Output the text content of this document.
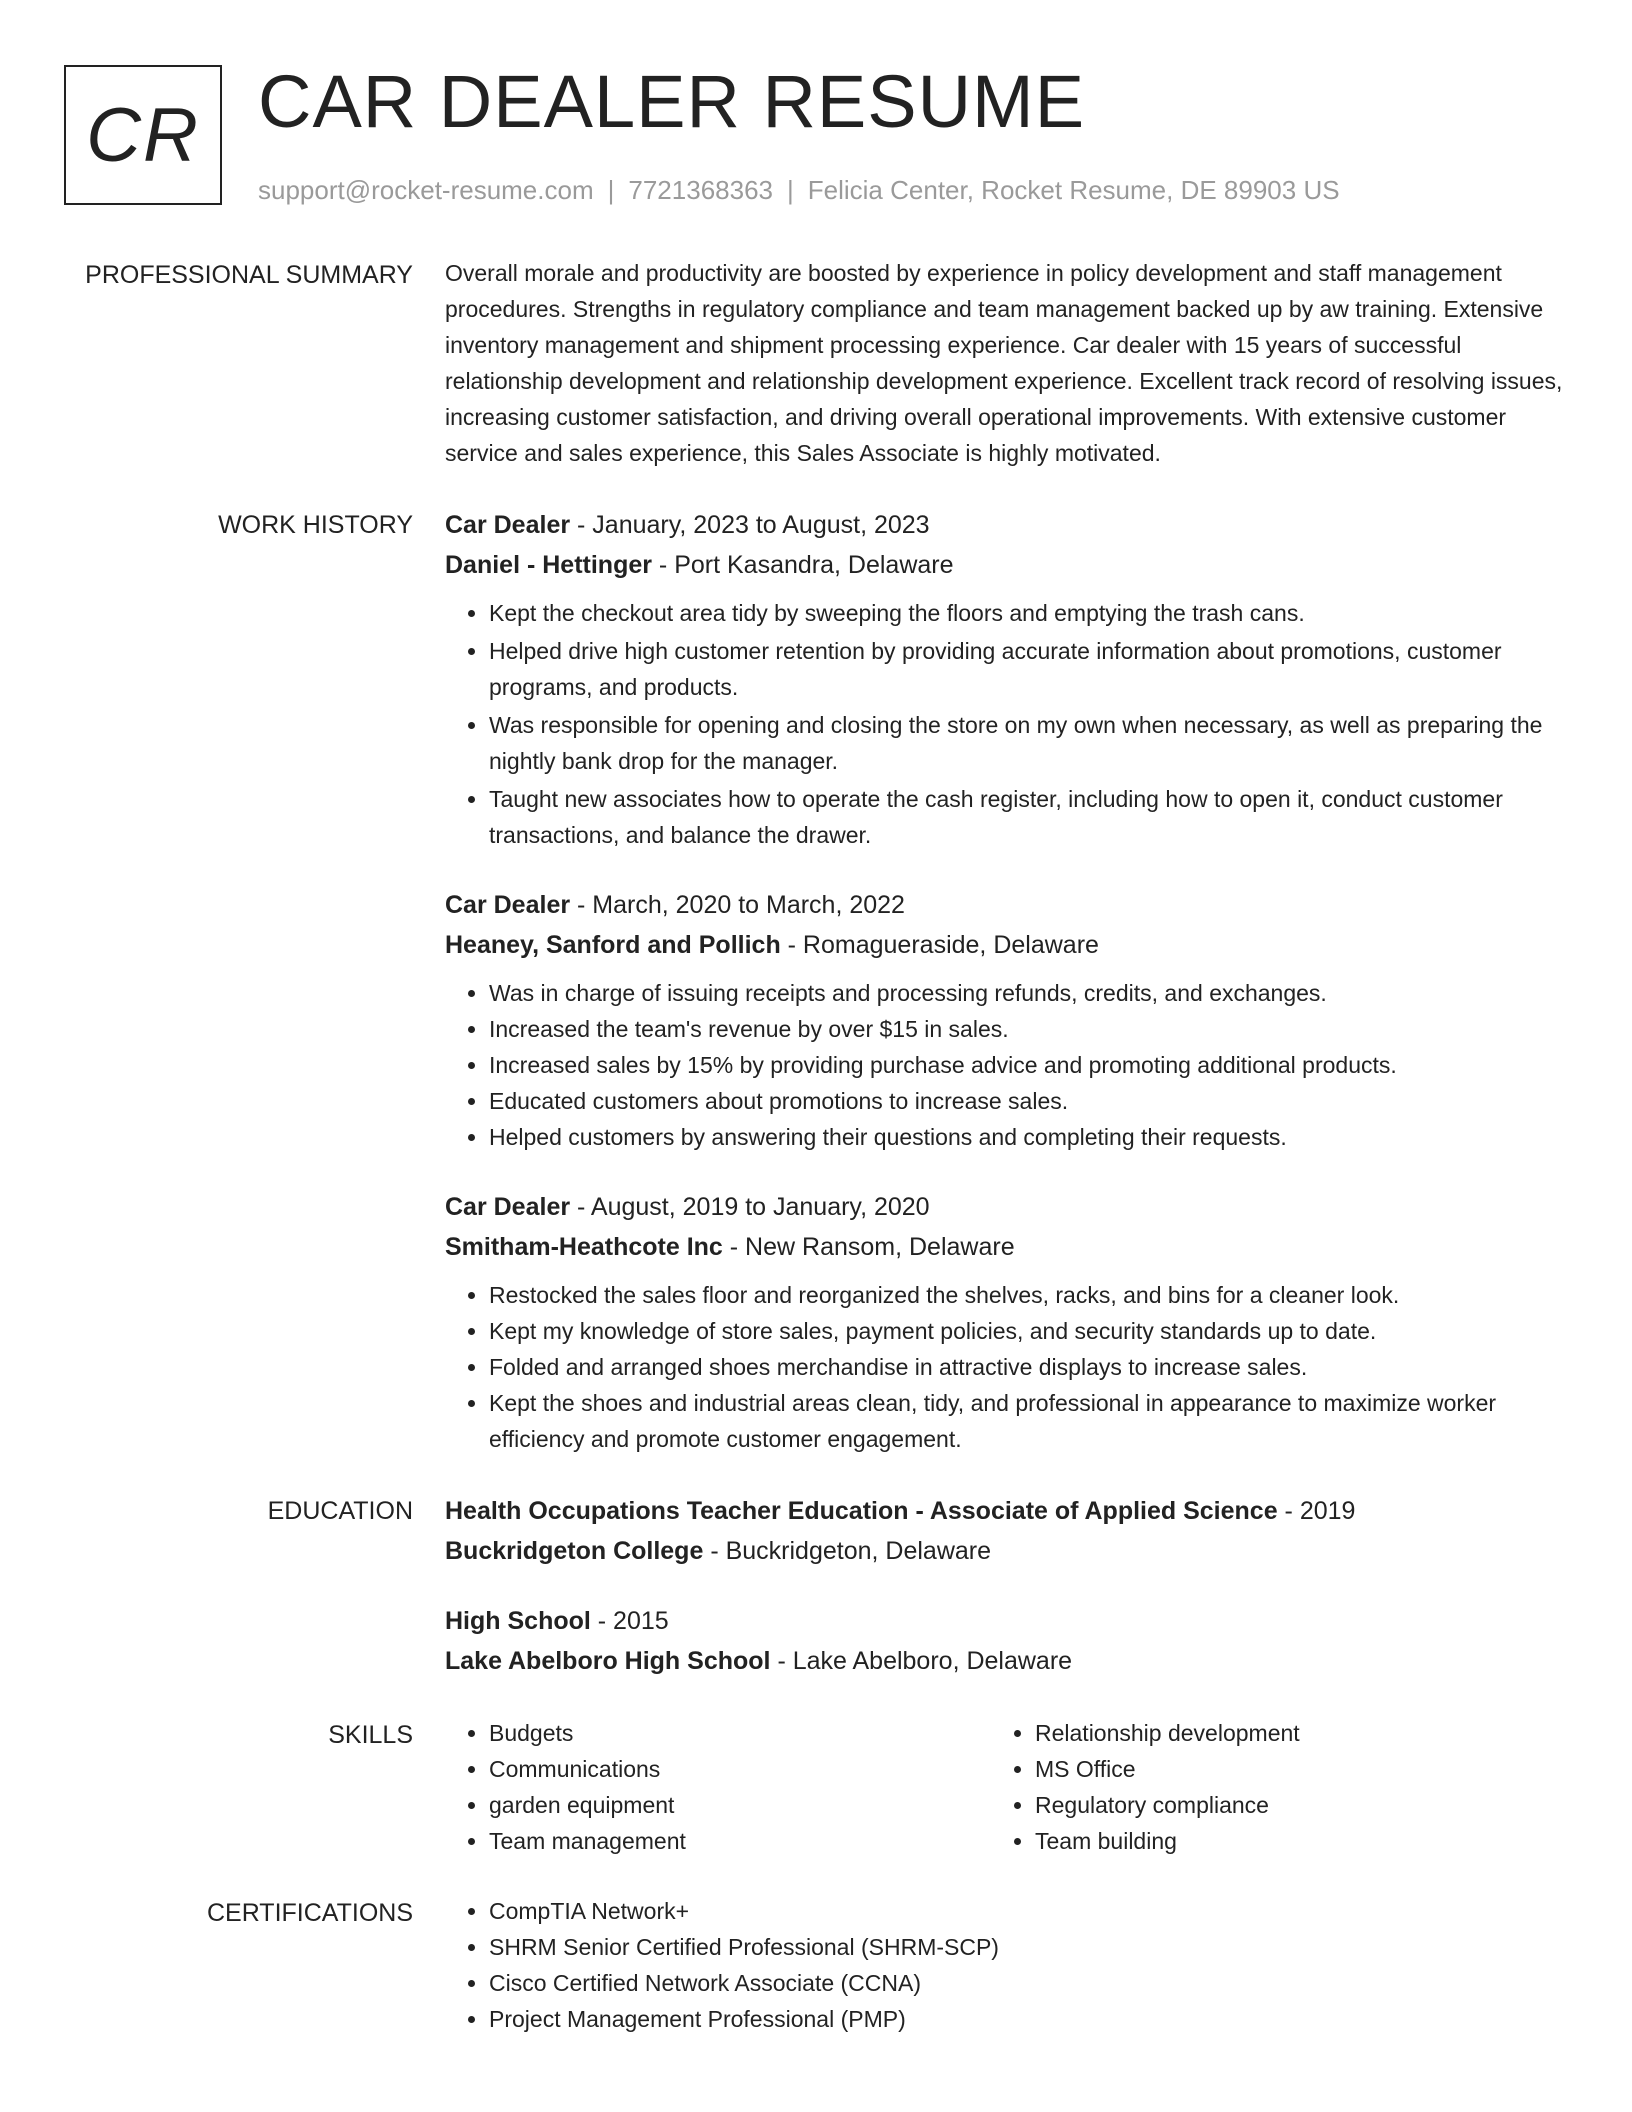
CR CAR DEALER RESUME
support@rocket-resume.com | 7721368363 | Felicia Center, Rocket Resume, DE 89903 US
PROFESSIONAL SUMMARY Overall morale and productivity are boosted by experience in policy development and staff management procedures. Strengths in regulatory compliance and team management backed up by aw training. Extensive inventory management and shipment processing experience. Car dealer with 15 years of successful relationship development and relationship development experience. Excellent track record of resolving issues, increasing customer satisfaction, and driving overall operational improvements. With extensive customer service and sales experience, this Sales Associate is highly motivated.

WORK HISTORY Car Dealer - January, 2023 to August, 2023
Daniel - Hettinger - Port Kasandra, Delaware
• Kept the checkout area tidy by sweeping the floors and emptying the trash cans.
• Helped drive high customer retention by providing accurate information about promotions, customer programs, and products.
• Was responsible for opening and closing the store on my own when necessary, as well as preparing the nightly bank drop for the manager.
• Taught new associates how to operate the cash register, including how to open it, conduct customer transactions, and balance the drawer.
Car Dealer - March, 2020 to March, 2022
Heaney, Sanford and Pollich - Romagueraside, Delaware
• Was in charge of issuing receipts and processing refunds, credits, and exchanges.
• Increased the team's revenue by over $15 in sales.
• Increased sales by 15% by providing purchase advice and promoting additional products.
• Educated customers about promotions to increase sales.
• Helped customers by answering their questions and completing their requests.
Car Dealer - August, 2019 to January, 2020
Smitham-Heathcote Inc - New Ransom, Delaware
• Restocked the sales floor and reorganized the shelves, racks, and bins for a cleaner look.
• Kept my knowledge of store sales, payment policies, and security standards up to date.
• Folded and arranged shoes merchandise in attractive displays to increase sales.
• Kept the shoes and industrial areas clean, tidy, and professional in appearance to maximize worker efficiency and promote customer engagement.
EDUCATION Health Occupations Teacher Education - Associate of Applied Science - 2019
Buckridgeton College - Buckridgeton, Delaware
High School - 2015
Lake Abelboro High School - Lake Abelboro, Delaware
SKILLS	• Budgets
• Communications
• garden equipment
• Team management
• Relationship development
• MS Office
• Regulatory compliance
• Team building
CERTIFICATIONS	• CompTIA Network+
• SHRM Senior Certified Professional (SHRM-SCP)
• Cisco Certified Network Associate (CCNA)
• Project Management Professional (PMP)
